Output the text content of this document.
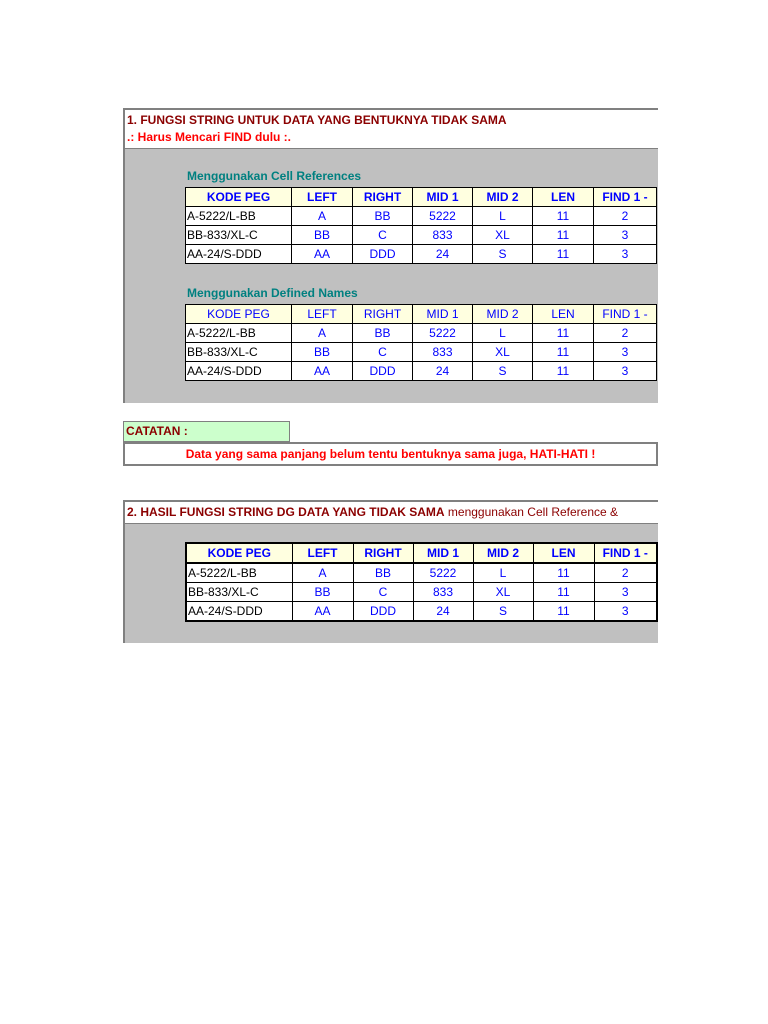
1. FUNGSI STRING UNTUK DATA YANG BENTUKNYA TIDAK SAMA
.: Harus Mencari FIND dulu :.
Menggunakan Cell References
KODE PEG	LEFT	RIGHT	MID 1	MID 2	LEN	FIND 1 -
A-5222/L-BB	A	BB	5222	L	11	2
BB-833/XL-C	BB	C	833	XL	11	3
AA-24/S-DDD	AA	DDD	24	S	11	3
Menggunakan Defined Names
KODE PEG	LEFT	RIGHT	MID 1	MID 2	LEN	FIND 1 -
A-5222/L-BB	A	BB	5222	L	11	2
BB-833/XL-C	BB	C	833	XL	11	3
AA-24/S-DDD	AA	DDD	24	S	11	3
CATATAN :
Data yang sama panjang belum tentu bentuknya sama juga, HATI-HATI !
2. HASIL FUNGSI STRING DG DATA YANG TIDAK SAMA menggunakan Cell Reference &
KODE PEG	LEFT	RIGHT	MID 1	MID 2	LEN	FIND 1 -
A-5222/L-BB	A	BB	5222	L	11	2
BB-833/XL-C	BB	C	833	XL	11	3
AA-24/S-DDD	AA	DDD	24	S	11	3
